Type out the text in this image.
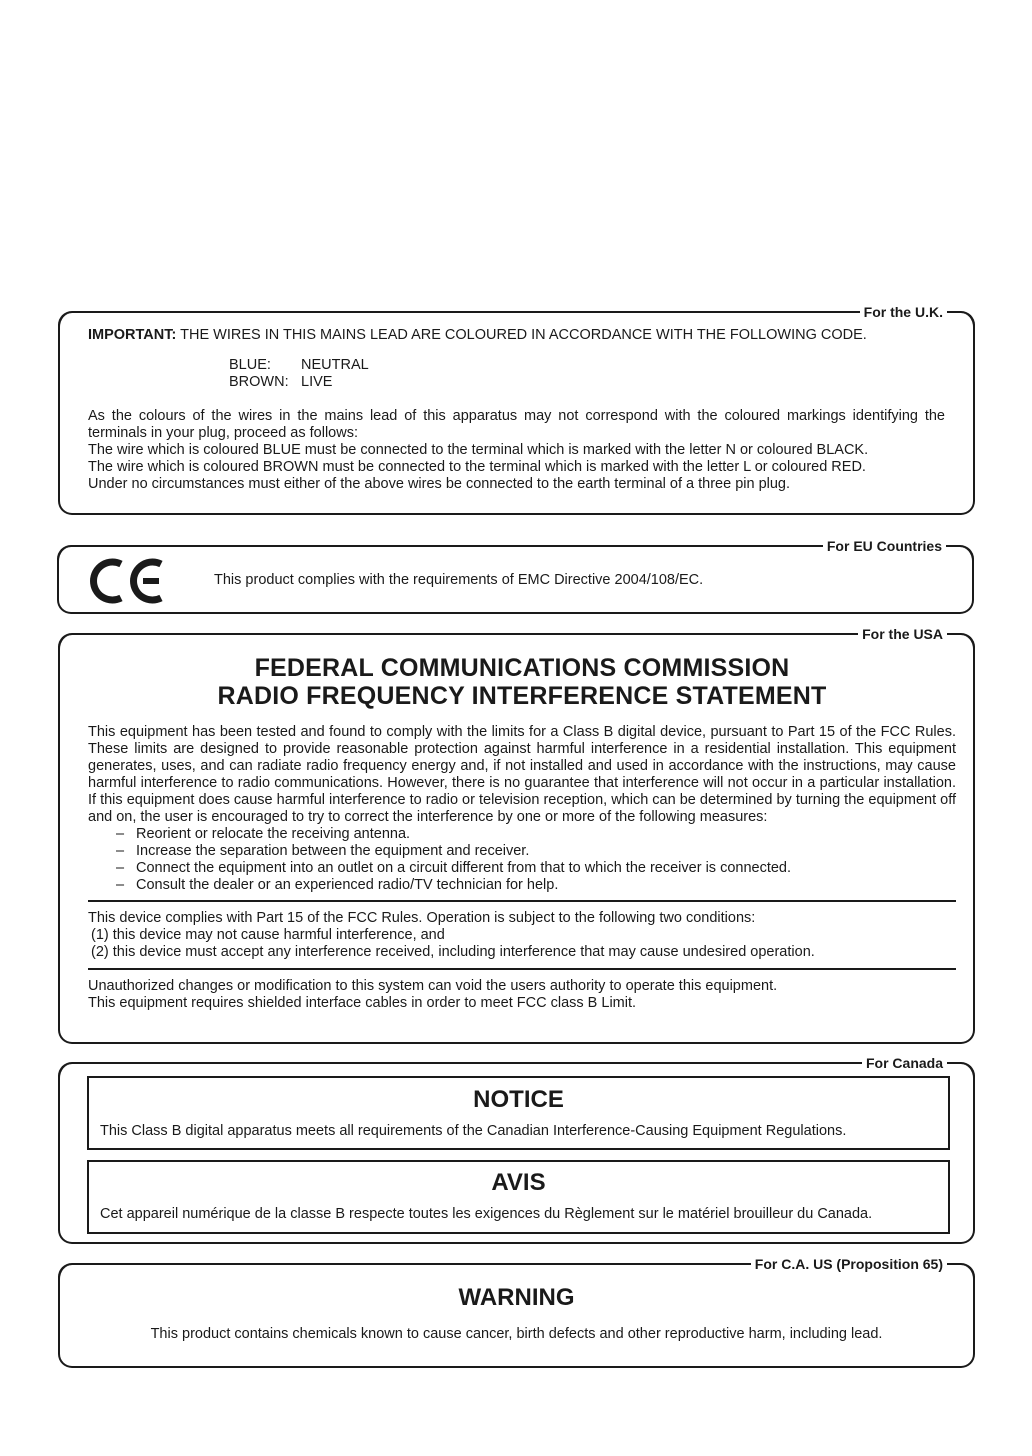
For the U.K.

IMPORTANT: THE WIRES IN THIS MAINS LEAD ARE COLOURED IN ACCORDANCE WITH THE FOLLOWING CODE.

BLUE: NEUTRAL
BROWN: LIVE

As the colours of the wires in the mains lead of this apparatus may not correspond with the coloured markings identifying the terminals in your plug, proceed as follows:

The wire which is coloured BLUE must be connected to the terminal which is marked with the letter N or coloured BLACK.

The wire which is coloured BROWN must be connected to the terminal which is marked with the letter L or coloured RED.

Under no circumstances must either of the above wires be connected to the earth terminal of a three pin plug.

For EU Countries

This product complies with the requirements of EMC Directive 2004/108/EC.

For the USA

FEDERAL COMMUNICATIONS COMMISSION

RADIO FREQUENCY INTERFERENCE STATEMENT

This equipment has been tested and found to comply with the limits for a Class B digital device, pursuant to Part 15 of the FCC Rules. These limits are designed to provide reasonable protection against harmful interference in a residential installation. This equipment generates, uses, and can radiate radio frequency energy and, if not installed and used in accordance with the instructions, may cause harmful interference to radio communications. However, there is no guarantee that interference will not occur in a particular installation. If this equipment does cause harmful interference to radio or television reception, which can be determined by turning the equipment off and on, the user is encouraged to try to correct the interference by one or more of the following measures:

– Reorient or relocate the receiving antenna.
– Increase the separation between the equipment and receiver.
– Connect the equipment into an outlet on a circuit different from that to which the receiver is connected.
– Consult the dealer or an experienced radio/TV technician for help.

This device complies with Part 15 of the FCC Rules. Operation is subject to the following two conditions:

(1) this device may not cause harmful interference, and

(2) this device must accept any interference received, including interference that may cause undesired operation.

Unauthorized changes or modification to this system can void the users authority to operate this equipment.

This equipment requires shielded interface cables in order to meet FCC class B Limit.

For Canada

NOTICE

This Class B digital apparatus meets all requirements of the Canadian Interference-Causing Equipment Regulations.

AVIS

Cet appareil numérique de la classe B respecte toutes les exigences du Règlement sur le matériel brouilleur du Canada.

For C.A. US (Proposition 65)

WARNING

This product contains chemicals known to cause cancer, birth defects and other reproductive harm, including lead.
